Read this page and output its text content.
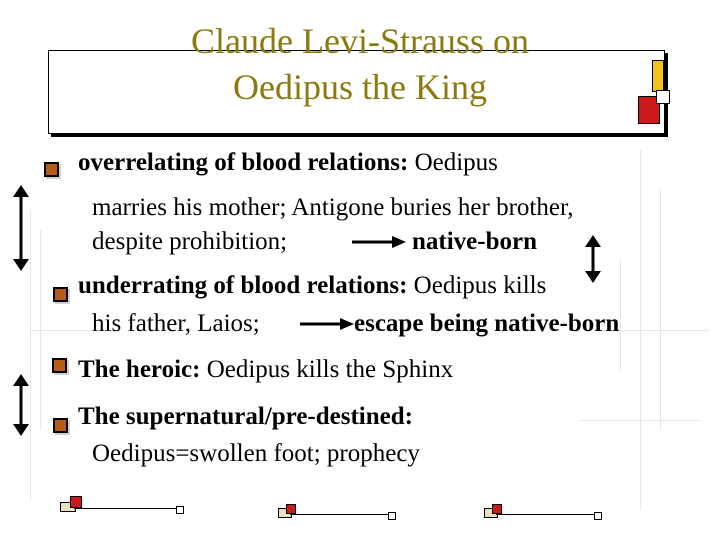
Claude Levi-Strauss on
Oedipus the King
overrelating of blood relations: Oedipus
marries his mother; Antigone buries her brother,
despite prohibition;	native-born
underrating of blood relations: Oedipus kills
his father, Laios;	escape being native-born
The heroic: Oedipus kills the Sphinx
The supernatural/pre-destined:
Oedipus=swollen foot; prophecy
